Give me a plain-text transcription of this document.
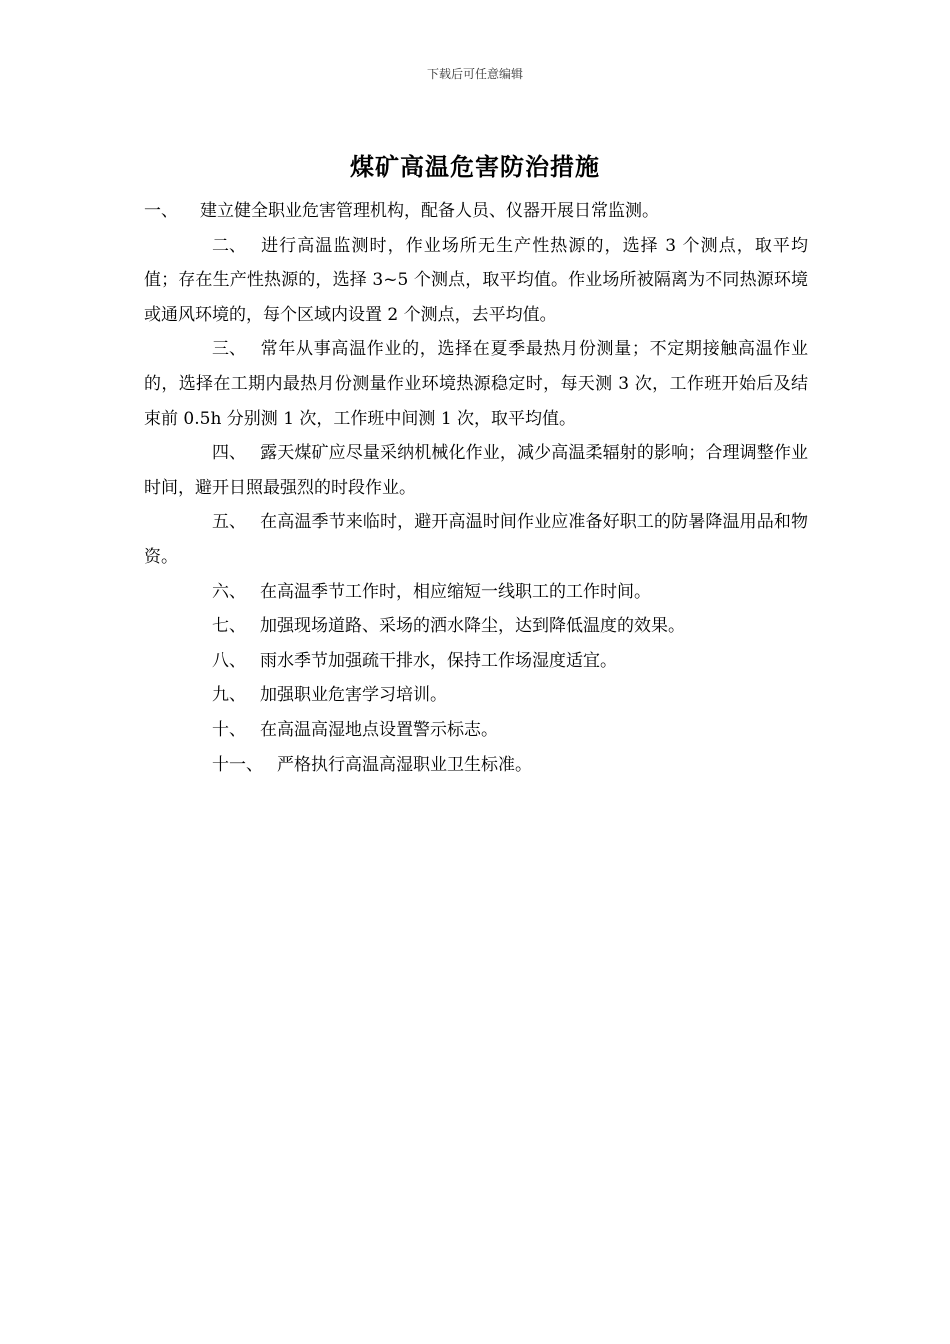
下载后可任意编辑
煤矿高温危害防治措施

一、 建立健全职业危害管理机构，配备人员、仪器开展日常监测。

二、 进行高温监测时，作业场所无生产性热源的，选择 3 个测点，取平均值；存在生产性热源的，选择 3~5 个测点，取平均值。作业场所被隔离为不同热源环境或通风环境的，每个区域内设置 2 个测点，去平均值。

三、 常年从事高温作业的，选择在夏季最热月份测量；不定期接触高温作业的，选择在工期内最热月份测量作业环境热源稳定时，每天测 3 次，工作班开始后及结束前 0.5h 分别测 1 次，工作班中间测 1 次，取平均值。

四、 露天煤矿应尽量采纳机械化作业，减少高温柔辐射的影响；合理调整作业时间，避开日照最强烈的时段作业。

五、 在高温季节来临时，避开高温时间作业应准备好职工的防暑降温用品和物资。

六、 在高温季节工作时，相应缩短一线职工的工作时间。

七、 加强现场道路、采场的洒水降尘，达到降低温度的效果。

八、 雨水季节加强疏干排水，保持工作场湿度适宜。

九、 加强职业危害学习培训。

十、 在高温高湿地点设置警示标志。

十一、 严格执行高温高湿职业卫生标准。
